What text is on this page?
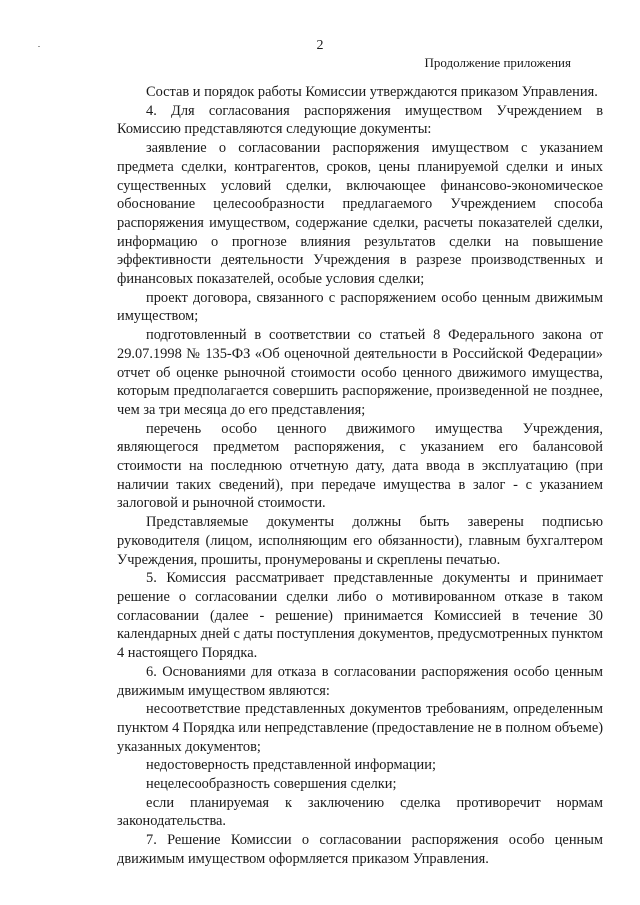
2

Продолжение приложения

Состав и порядок работы Комиссии утверждаются приказом Управления.

4. Для согласования распоряжения имуществом Учреждением в Комиссию представляются следующие документы:

заявление о согласовании распоряжения имуществом с указанием предмета сделки, контрагентов, сроков, цены планируемой сделки и иных существенных условий сделки, включающее финансово-экономическое обоснование целесообразности предлагаемого Учреждением способа распоряжения имуществом, содержание сделки, расчеты показателей сделки, информацию о прогнозе влияния результатов сделки на повышение эффективности деятельности Учреждения в разрезе производственных и финансовых показателей, особые условия сделки;

проект договора, связанного с распоряжением особо ценным движимым имуществом;

подготовленный в соответствии со статьей 8 Федерального закона от 29.07.1998 № 135-ФЗ «Об оценочной деятельности в Российской Федерации» отчет об оценке рыночной стоимости особо ценного движимого имущества, которым предполагается совершить распоряжение, произведенной не позднее, чем за три месяца до его представления;

перечень особо ценного движимого имущества Учреждения, являющегося предметом распоряжения, с указанием его балансовой стоимости на последнюю отчетную дату, дата ввода в эксплуатацию (при наличии таких сведений), при передаче имущества в залог - с указанием залоговой и рыночной стоимости.

Представляемые документы должны быть заверены подписью руководителя (лицом, исполняющим его обязанности), главным бухгалтером Учреждения, прошиты, пронумерованы и скреплены печатью.

5. Комиссия рассматривает представленные документы и принимает решение о согласовании сделки либо о мотивированном отказе в таком согласовании (далее - решение) принимается Комиссией в течение 30 календарных дней с даты поступления документов, предусмотренных пунктом 4 настоящего Порядка.

6. Основаниями для отказа в согласовании распоряжения особо ценным движимым имуществом являются:

несоответствие представленных документов требованиям, определенным пунктом 4 Порядка или непредставление (предоставление не в полном объеме) указанных документов;

недостоверность представленной информации;

нецелесообразность совершения сделки;

если планируемая к заключению сделка противоречит нормам законодательства.

7. Решение Комиссии о согласовании распоряжения особо ценным движимым имуществом оформляется приказом Управления.
